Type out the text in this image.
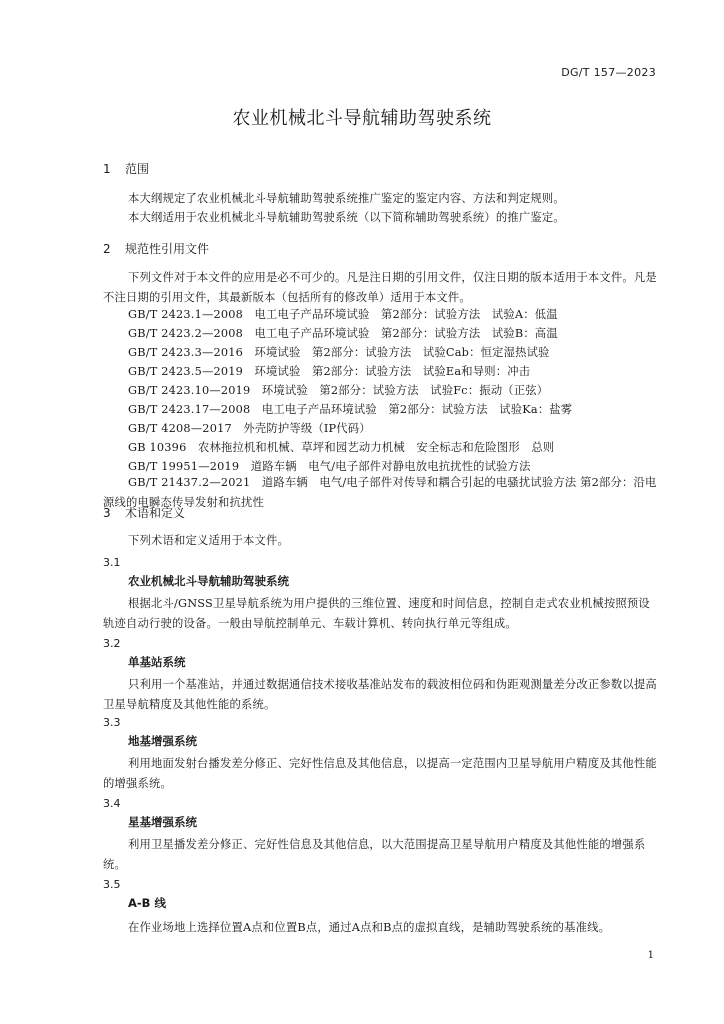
DG/T 157—2023
农业机械北斗导航辅助驾驶系统
1 范围
本大纲规定了农业机械北斗导航辅助驾驶系统推广鉴定的鉴定内容、方法和判定规则。
本大纲适用于农业机械北斗导航辅助驾驶系统（以下简称辅助驾驶系统）的推广鉴定。
2 规范性引用文件
下列文件对于本文件的应用是必不可少的。凡是注日期的引用文件，仅注日期的版本适用于本文件。凡是不注日期的引用文件，其最新版本（包括所有的修改单）适用于本文件。
GB/T 2423.1—2008　电工电子产品环境试验　第2部分：试验方法　试验A：低温
GB/T 2423.2—2008　电工电子产品环境试验　第2部分：试验方法　试验B：高温
GB/T 2423.3—2016　环境试验　第2部分：试验方法　试验Cab：恒定湿热试验
GB/T 2423.5—2019　环境试验　第2部分：试验方法　试验Ea和导则：冲击
GB/T 2423.10—2019　环境试验　第2部分：试验方法　试验Fc：振动（正弦）
GB/T 2423.17—2008　电工电子产品环境试验　第2部分：试验方法　试验Ka：盐雾
GB/T 4208—2017　外壳防护等级（IP代码）
GB 10396　农林拖拉机和机械、草坪和园艺动力机械　安全标志和危险图形　总则
GB/T 19951—2019　道路车辆　电气/电子部件对静电放电抗扰性的试验方法
GB/T 21437.2—2021　道路车辆　电气/电子部件对传导和耦合引起的电骚扰试验方法 第2部分：沿电源线的电瞬态传导发射和抗扰性
3 术语和定义
下列术语和定义适用于本文件。
3.1
农业机械北斗导航辅助驾驶系统
根据北斗/GNSS卫星导航系统为用户提供的三维位置、速度和时间信息，控制自走式农业机械按照预设轨迹自动行驶的设备。一般由导航控制单元、车载计算机、转向执行单元等组成。
3.2
单基站系统
只利用一个基准站，并通过数据通信技术接收基准站发布的载波相位码和伪距观测量差分改正参数以提高卫星导航精度及其他性能的系统。
3.3
地基增强系统
利用地面发射台播发差分修正、完好性信息及其他信息，以提高一定范围内卫星导航用户精度及其他性能的增强系统。
3.4
星基增强系统
利用卫星播发差分修正、完好性信息及其他信息，以大范围提高卫星导航用户精度及其他性能的增强系统。
3.5
A-B 线
在作业场地上选择位置A点和位置B点，通过A点和B点的虚拟直线，是辅助驾驶系统的基准线。
1
